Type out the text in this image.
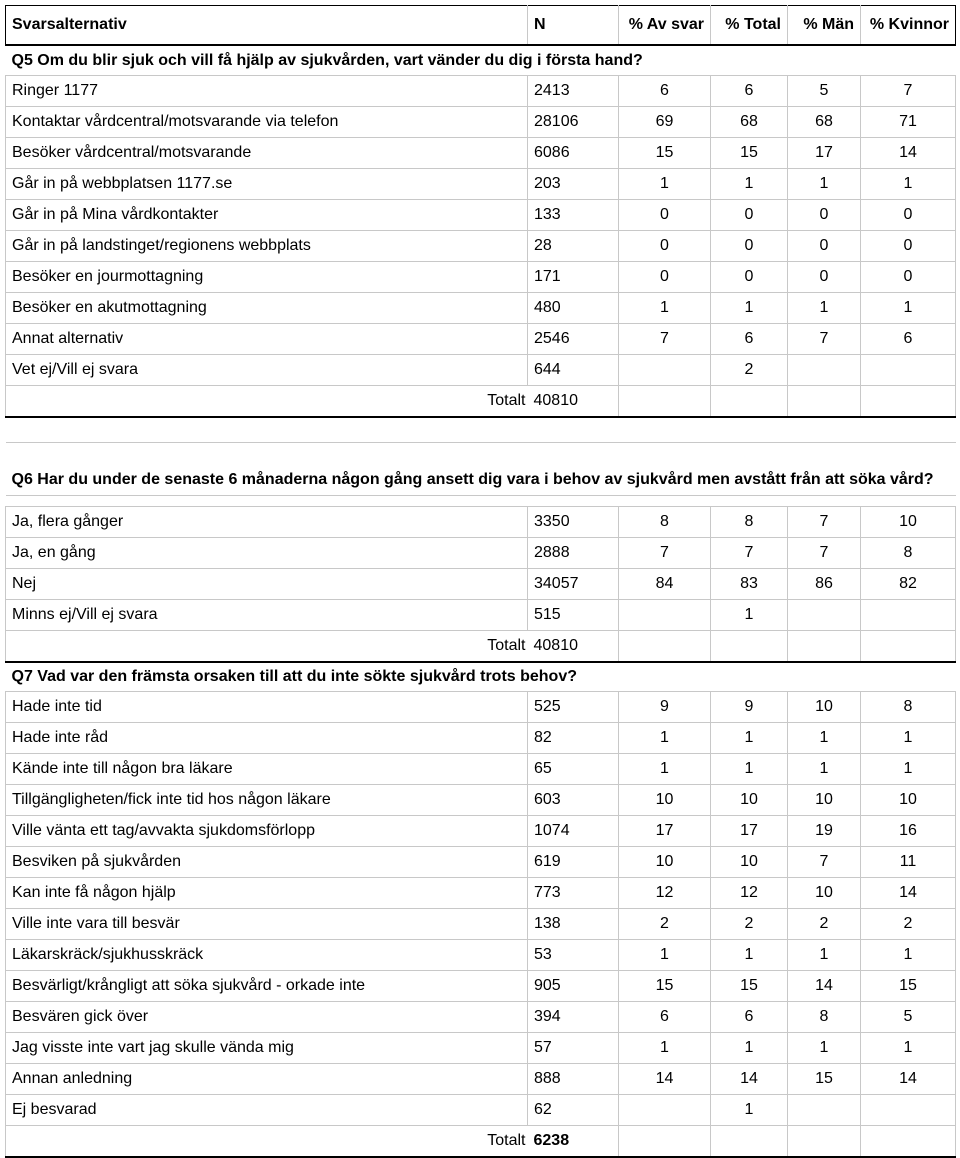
Svarsalternativ	N	% Av svar	% Total	% Män	% Kvinnor
Q5 Om du blir sjuk och vill få hjälp av sjukvården, vart vänder du dig i första hand?					
Ringer 1177	2413	6	6	5	7
Kontaktar vårdcentral/motsvarande via telefon	28106	69	68	68	71
Besöker vårdcentral/motsvarande	6086	15	15	17	14
Går in på webbplatsen 1177.se	203	1	1	1	1
Går in på Mina vårdkontakter	133	0	0	0	0
Går in på landstinget/regionens webbplats	28	0	0	0	0
Besöker en jourmottagning	171	0	0	0	0
Besöker en akutmottagning	480	1	1	1	1
Annat alternativ	2546	7	6	7	6
Vet ej/Vill ej svara	644		2		
Totalt	40810				

Q6 Har du under de senaste 6 månaderna någon gång ansett dig vara i behov av sjukvård men avstått från att söka vård?					

Ja, flera gånger	3350	8	8	7	10
Ja, en gång	2888	7	7	7	8
Nej	34057	84	83	86	82
Minns ej/Vill ej svara	515		1		
Totalt	40810				
Q7 Vad var den främsta orsaken till att du inte sökte sjukvård trots behov?					
Hade inte tid	525	9	9	10	8
Hade inte råd	82	1	1	1	1
Kände inte till någon bra läkare	65	1	1	1	1
Tillgängligheten/fick inte tid hos någon läkare	603	10	10	10	10
Ville vänta ett tag/avvakta sjukdomsförlopp	1074	17	17	19	16
Besviken på sjukvården	619	10	10	7	11
Kan inte få någon hjälp	773	12	12	10	14
Ville inte vara till besvär	138	2	2	2	2
Läkarskräck/sjukhusskräck	53	1	1	1	1
Besvärligt/krångligt att söka sjukvård - orkade inte	905	15	15	14	15
Besvären gick över	394	6	6	8	5
Jag visste inte vart jag skulle vända mig	57	1	1	1	1
Annan anledning	888	14	14	15	14
Ej besvarad	62		1		
Totalt	6238				
